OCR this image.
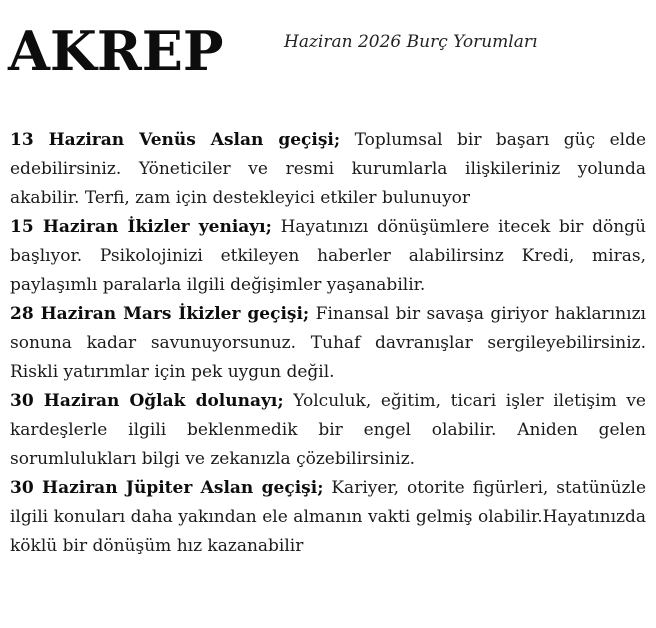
AKREP	Haziran 2026 Burç Yorumları

13 Haziran Venüs Aslan geçişi; Toplumsal bir başarı güç elde edebilirsiniz. Yöneticiler ve resmi kurumlarla ilişkileriniz yolunda akabilir. Terfi, zam için destekleyici etkiler bulunuyor

15 Haziran İkizler yeniayı; Hayatınızı dönüşümlere itecek bir döngü başlıyor. Psikolojinizi etkileyen haberler alabilirsinz Kredi, miras, paylaşımlı paralarla ilgili değişimler yaşanabilir.

28 Haziran Mars İkizler geçişi; Finansal bir savaşa giriyor haklarınızı sonuna kadar savunuyorsunuz. Tuhaf davranışlar sergileyebilirsiniz. Riskli yatırımlar için pek uygun değil.

30 Haziran Oğlak dolunayı; Yolculuk, eğitim, ticari işler iletişim ve kardeşlerle ilgili beklenmedik bir engel olabilir. Aniden gelen sorumlulukları bilgi ve zekanızla çözebilirsiniz.

30 Haziran Jüpiter Aslan geçişi; Kariyer, otorite figürleri, statünüzle ilgili konuları daha yakından ele almanın vakti gelmiş olabilir.Hayatınızda köklü bir dönüşüm hız kazanabilir
